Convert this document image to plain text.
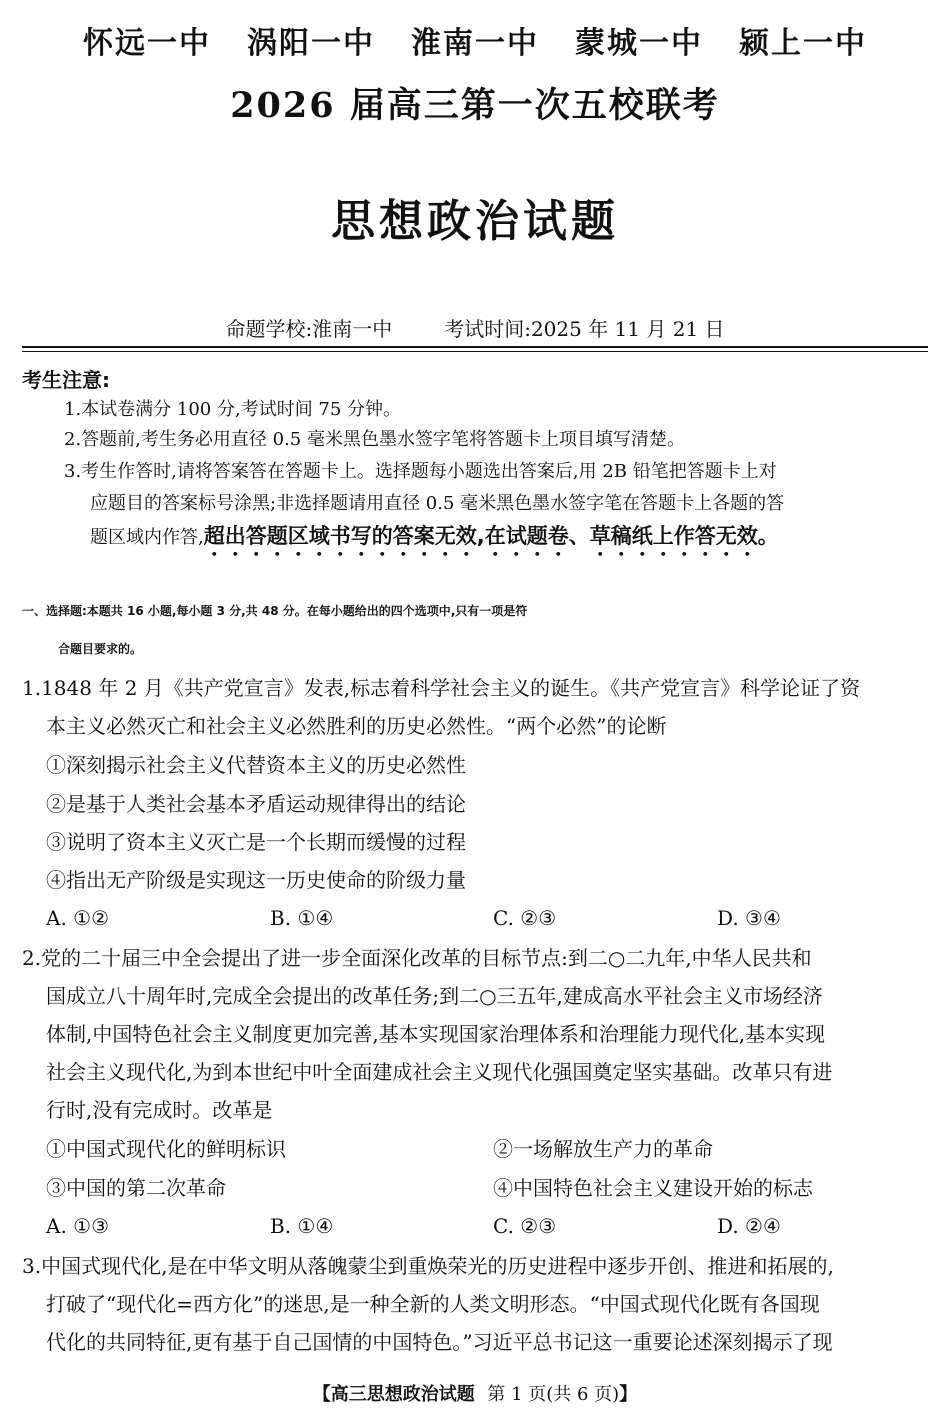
怀远一中 涡阳一中 淮南一中 蒙城一中 颍上一中
2026 届高三第一次五校联考
思想政治试题
命题学校:淮南一中	考试时间:2025 年 11 月 21 日
考生注意:
1.本试卷满分 100 分,考试时间 75 分钟。
2.答题前,考生务必用直径 0.5 毫米黑色墨水签字笔将答题卡上项目填写清楚。
3.考生作答时,请将答案答在答题卡上。选择题每小题选出答案后,用 2B 铅笔把答题卡上对
应题目的答案标号涂黑;非选择题请用直径 0.5 毫米黑色墨水签字笔在答题卡上各题的答
题区域内作答,超出答题区域书写的答案无效,在试题卷、草稿纸上作答无效。
一、选择题:本题共 16 小题,每小题 3 分,共 48 分。在每小题给出的四个选项中,只有一项是符
合题目要求的。
1.1848 年 2 月《共产党宣言》发表,标志着科学社会主义的诞生。《共产党宣言》科学论证了资
本主义必然灭亡和社会主义必然胜利的历史必然性。“两个必然”的论断
①深刻揭示社会主义代替资本主义的历史必然性
②是基于人类社会基本矛盾运动规律得出的结论
③说明了资本主义灭亡是一个长期而缓慢的过程
④指出无产阶级是实现这一历史使命的阶级力量
A. ①②	B. ①④	C. ②③	D. ③④
2.党的二十届三中全会提出了进一步全面深化改革的目标节点:到二○二九年,中华人民共和
国成立八十周年时,完成全会提出的改革任务;到二○三五年,建成高水平社会主义市场经济
体制,中国特色社会主义制度更加完善,基本实现国家治理体系和治理能力现代化,基本实现
社会主义现代化,为到本世纪中叶全面建成社会主义现代化强国奠定坚实基础。改革只有进
行时,没有完成时。改革是
①中国式现代化的鲜明标识	②一场解放生产力的革命
③中国的第二次革命	④中国特色社会主义建设开始的标志
A. ①③	B. ①④	C. ②③	D. ②④
3.中国式现代化,是在中华文明从落魄蒙尘到重焕荣光的历史进程中逐步开创、推进和拓展的,
打破了“现代化=西方化”的迷思,是一种全新的人类文明形态。“中国式现代化既有各国现
代化的共同特征,更有基于自己国情的中国特色。”习近平总书记这一重要论述深刻揭示了现
【高三思想政治试题 第 1 页(共 6 页)】
